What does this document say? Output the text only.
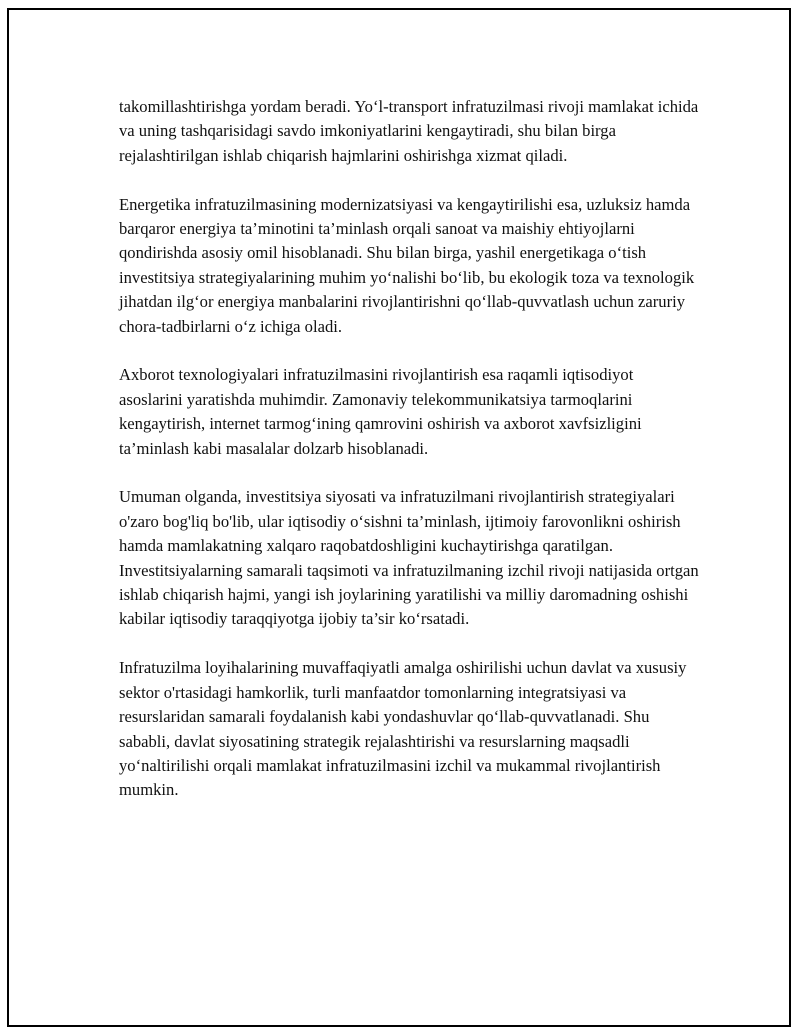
takomillashtirishga yordam beradi. Yo‘l-transport infratuzilmasi rivoji mamlakat ichida va uning tashqarisidagi savdo imkoniyatlarini kengaytiradi, shu bilan birga rejalashtirilgan ishlab chiqarish hajmlarini oshirishga xizmat qiladi.

Energetika infratuzilmasining modernizatsiyasi va kengaytirilishi esa, uzluksiz hamda barqaror energiya ta’minotini ta’minlash orqali sanoat va maishiy ehtiyojlarni qondirishda asosiy omil hisoblanadi. Shu bilan birga, yashil energetikaga o‘tish investitsiya strategiyalarining muhim yo‘nalishi bo‘lib, bu ekologik toza va texnologik jihatdan ilg‘or energiya manbalarini rivojlantirishni qo‘llab-quvvatlash uchun zaruriy chora-tadbirlarni o‘z ichiga oladi.

Axborot texnologiyalari infratuzilmasini rivojlantirish esa raqamli iqtisodiyot asoslarini yaratishda muhimdir. Zamonaviy telekommunikatsiya tarmoqlarini kengaytirish, internet tarmog‘ining qamrovini oshirish va axborot xavfsizligini ta’minlash kabi masalalar dolzarb hisoblanadi.

Umuman olganda, investitsiya siyosati va infratuzilmani rivojlantirish strategiyalari o'zaro bog'liq bo'lib, ular iqtisodiy o‘sishni ta’minlash, ijtimoiy farovonlikni oshirish hamda mamlakatning xalqaro raqobatdoshligini kuchaytirishga qaratilgan. Investitsiyalarning samarali taqsimoti va infratuzilmaning izchil rivoji natijasida ortgan ishlab chiqarish hajmi, yangi ish joylarining yaratilishi va milliy daromadning oshishi kabilar iqtisodiy taraqqiyotga ijobiy ta’sir ko‘rsatadi.

Infratuzilma loyihalarining muvaffaqiyatli amalga oshirilishi uchun davlat va xususiy sektor o'rtasidagi hamkorlik, turli manfaatdor tomonlarning integratsiyasi va resurslaridan samarali foydalanish kabi yondashuvlar qo‘llab-quvvatlanadi. Shu sababli, davlat siyosatining strategik rejalashtirishi va resurslarning maqsadli yo‘naltirilishi orqali mamlakat infratuzilmasini izchil va mukammal rivojlantirish mumkin.
